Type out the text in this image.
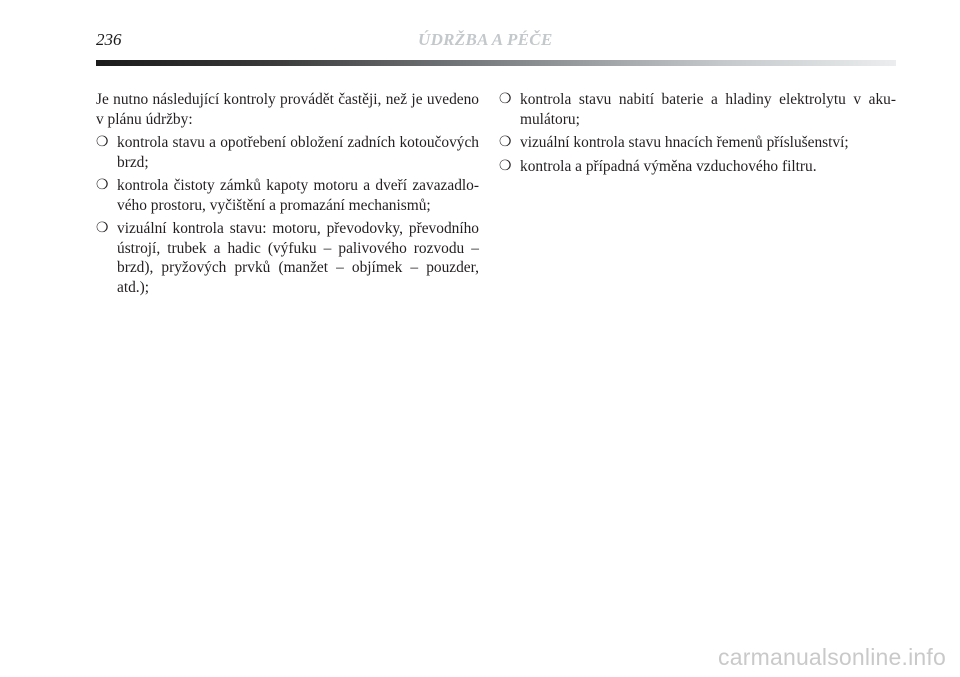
236	ÚDRŽBA A PÉČE

Je nutno následující kontroly provádět častěji, než je uvedeno v plánu údržby:

❍ kontrola stavu a opotřebení obložení zadních kotoučových brzd;
❍ kontrola čistoty zámků kapoty motoru a dveří zavazadlového prostoru, vyčištění a promazání mechanismů;
❍ vizuální kontrola stavu: motoru, převodovky, převodního ústrojí, trubek a hadic (výfuku – palivového rozvodu – brzd), pryžových prvků (manžet – objímek – pouzder, atd.);
❍ kontrola stavu nabití baterie a hladiny elektrolytu v akumulátoru;
❍ vizuální kontrola stavu hnacích řemenů příslušenství;
❍ kontrola a případná výměna vzduchového filtru.
carmanualsonline.info
